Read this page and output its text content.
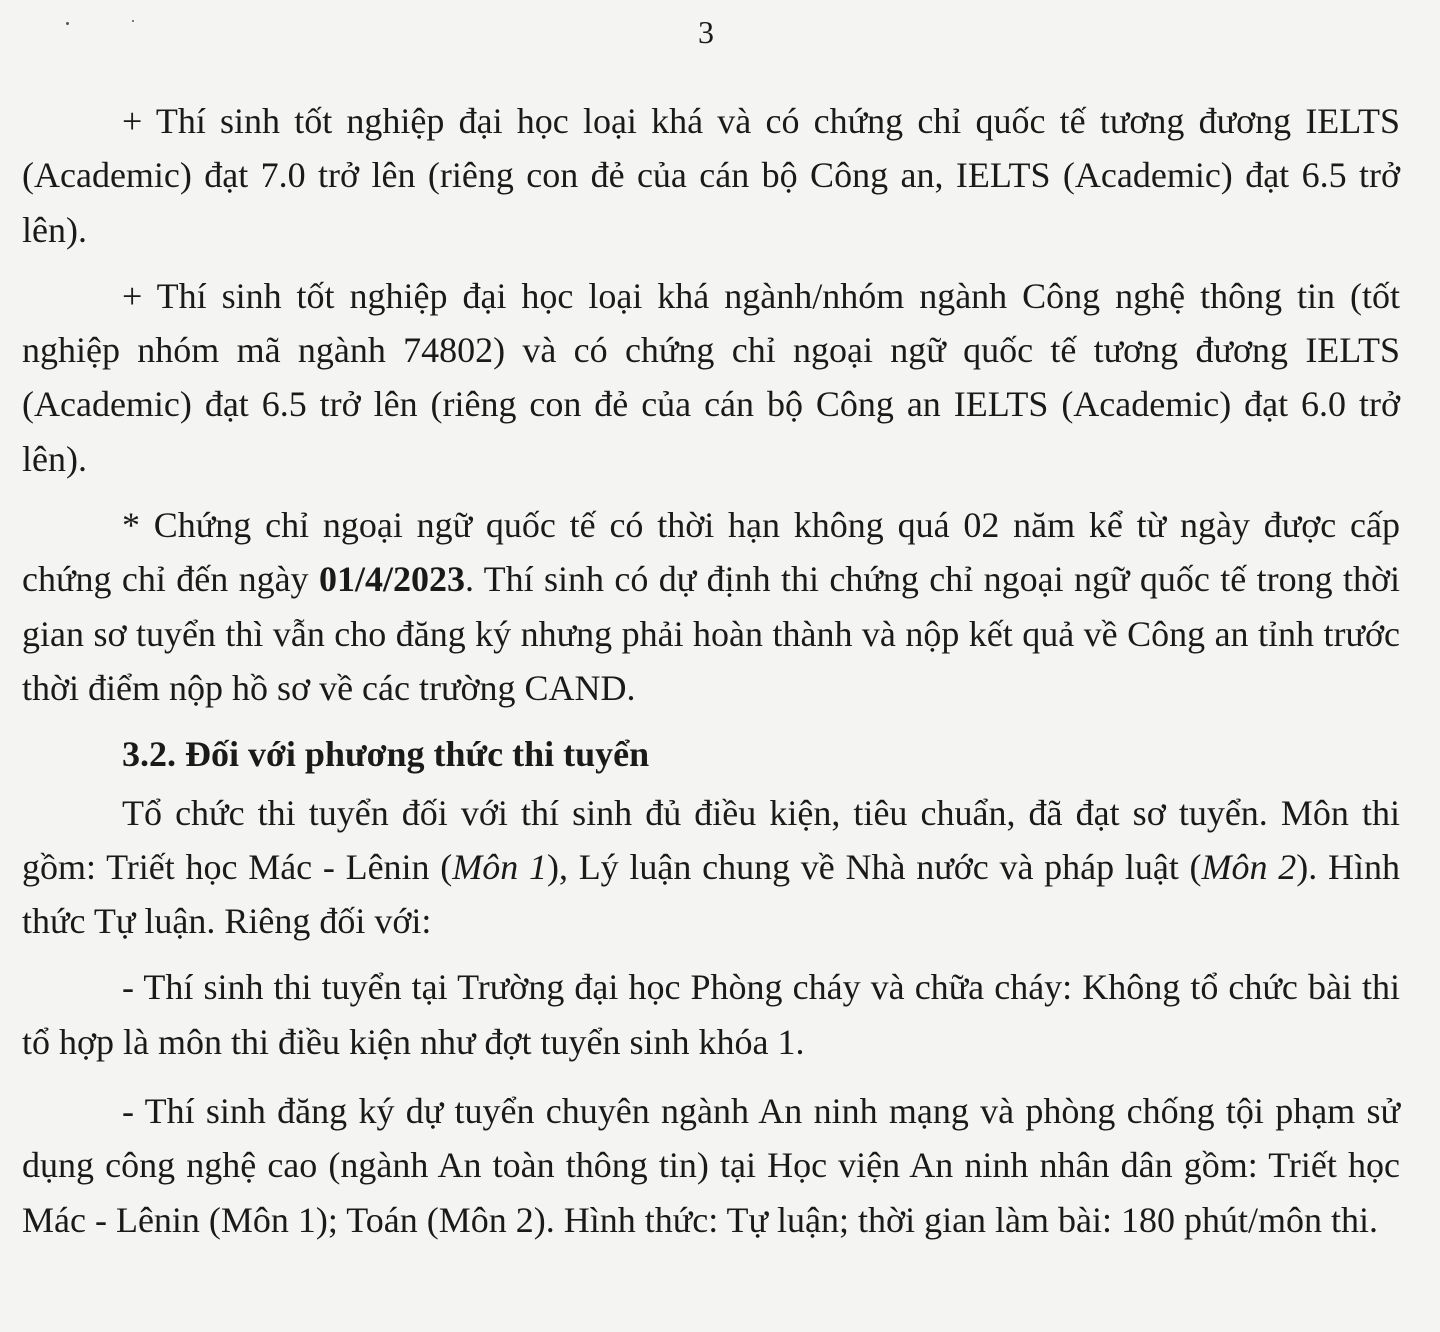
3

+ Thí sinh tốt nghiệp đại học loại khá và có chứng chỉ quốc tế tương đương IELTS (Academic) đạt 7.0 trở lên (riêng con đẻ của cán bộ Công an, IELTS (Academic) đạt 6.5 trở lên).

+ Thí sinh tốt nghiệp đại học loại khá ngành/nhóm ngành Công nghệ thông tin (tốt nghiệp nhóm mã ngành 74802) và có chứng chỉ ngoại ngữ quốc tế tương đương IELTS (Academic) đạt 6.5 trở lên (riêng con đẻ của cán bộ Công an IELTS (Academic) đạt 6.0 trở lên).

* Chứng chỉ ngoại ngữ quốc tế có thời hạn không quá 02 năm kể từ ngày được cấp chứng chỉ đến ngày 01/4/2023. Thí sinh có dự định thi chứng chỉ ngoại ngữ quốc tế trong thời gian sơ tuyển thì vẫn cho đăng ký nhưng phải hoàn thành và nộp kết quả về Công an tỉnh trước thời điểm nộp hồ sơ về các trường CAND.

3.2. Đối với phương thức thi tuyển

Tổ chức thi tuyển đối với thí sinh đủ điều kiện, tiêu chuẩn, đã đạt sơ tuyển. Môn thi gồm: Triết học Mác - Lênin (Môn 1), Lý luận chung về Nhà nước và pháp luật (Môn 2). Hình thức Tự luận. Riêng đối với:

- Thí sinh thi tuyển tại Trường đại học Phòng cháy và chữa cháy: Không tổ chức bài thi tổ hợp là môn thi điều kiện như đợt tuyển sinh khóa 1.

- Thí sinh đăng ký dự tuyển chuyên ngành An ninh mạng và phòng chống tội phạm sử dụng công nghệ cao (ngành An toàn thông tin) tại Học viện An ninh nhân dân gồm: Triết học Mác - Lênin (Môn 1); Toán (Môn 2). Hình thức: Tự luận; thời gian làm bài: 180 phút/môn thi.
